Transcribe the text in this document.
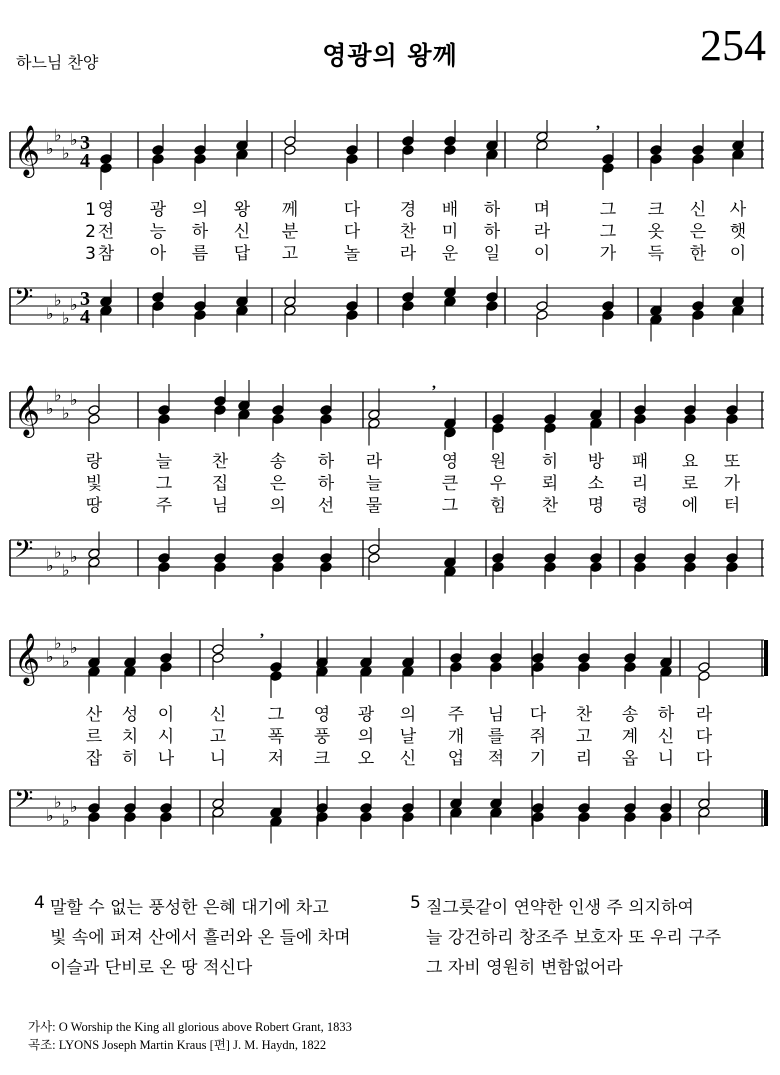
하느님 찬양	영광의 왕께	254
𝄞 ♭
♭
♭
♭ 3
4
,
1 영 광 의 왕 께	다 경 배 하 며	그 크 신 사
2 전 능 하 신 분	다 찬 미 하 라	그 옷 은 햇
3 참 아 름 답 고	놀 라 운 일 이	가 득 한 이
𝄢 ♭
♭
♭
♭ 3
4
𝄞 ♭
♭
♭
♭
,
랑	늘 찬 송 하 라	영 원 히 방 패 요 또
빛	그 집 은 하 늘	큰 우 뢰 소 리 로 가
땅	주 님 의 선 물	그 힘 찬 명 령 에 터
𝄢 ♭
♭
♭
♭
𝄞 ♭
♭
♭
♭
,
산 성 이 신 그 영 광 의 주 님 다 찬 송 하 라
르 치 시 고 폭 풍 의 날 개 를 쥐 고 계 신 다
잡 히 나 니 저 크 오 신 업 적 기 리 옵 니 다
𝄢 ♭
♭
♭
♭
4 말할 수 없는 풍성한 은혜 대기에 차고
빛 속에 퍼져 산에서 흘러와 온 들에 차며
이슬과 단비로 온 땅 적신다
5 질그릇같이 연약한 인생 주 의지하여
늘 강건하리 창조주 보호자 또 우리 구주
그 자비 영원히 변함없어라
가사: O Worship the King all glorious above Robert Grant, 1833
곡조: LYONS Joseph Martin Kraus [편] J. M. Haydn, 1822
